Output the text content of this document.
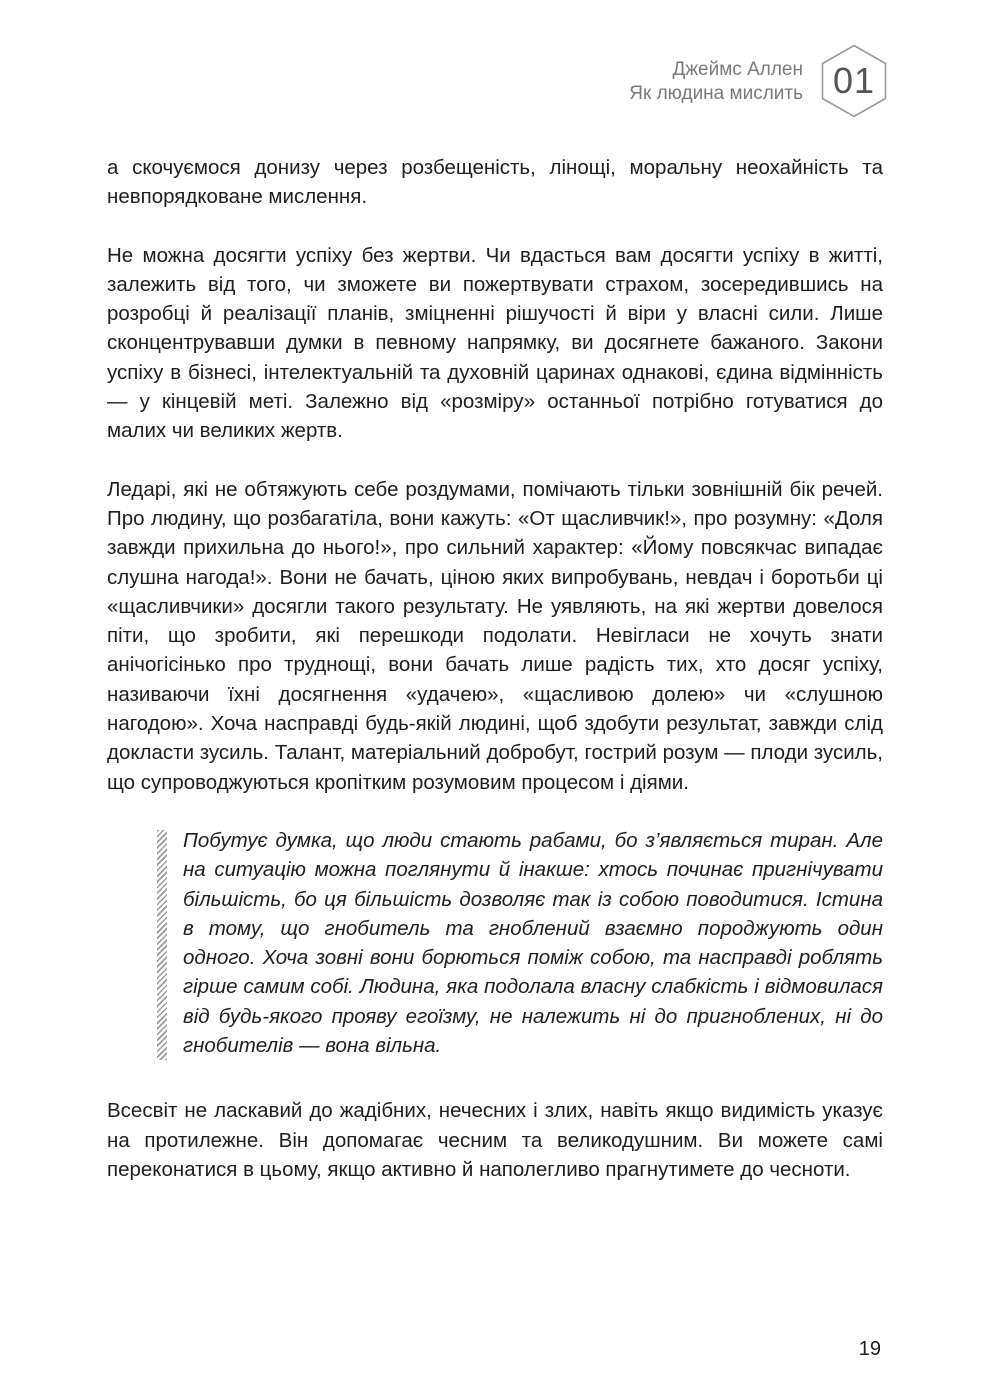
Джеймс Аллен
Як людина мислить 01

а скочуємося донизу через розбещеність, лінощі, моральну неохайність та невпорядковане мислення.

Не можна досягти успіху без жертви. Чи вдасться вам досягти успіху в житті, залежить від того, чи зможете ви пожертвувати страхом, зосередившись на розробці й реалізації планів, зміцненні рішучості й віри у власні сили. Лише сконцентрувавши думки в певному напрямку, ви досягнете бажаного. Закони успіху в бізнесі, інтелектуальній та духовній царинах однакові, єдина відмінність — у кінцевій меті. Залежно від «розміру» останньої потрібно готуватися до малих чи великих жертв.

Ледарі, які не обтяжують себе роздумами, помічають тільки зовнішній бік речей. Про людину, що розбагатіла, вони кажуть: «От щасливчик!», про розумну: «Доля завжди прихильна до нього!», про сильний характер: «Йому повсякчас випадає слушна нагода!». Вони не бачать, ціною яких випробувань, невдач і боротьби ці «щасливчики» досягли такого результату. Не уявляють, на які жертви довелося піти, що зробити, які перешкоди подолати. Невігласи не хочуть знати анічогісінько про труднощі, вони бачать лише радість тих, хто досяг успіху, називаючи їхні досягнення «удачею», «щасливою долею» чи «слушною нагодою». Хоча насправді будь-якій людині, щоб здобути результат, завжди слід докласти зусиль. Талант, матеріальний добробут, гострий розум — плоди зусиль, що супроводжуються кропітким розумовим процесом і діями.

Побутує думка, що люди стають рабами, бо з’являється тиран. Але на ситуацію можна поглянути й інакше: хтось починає пригнічувати більшість, бо ця більшість дозволяє так із собою поводитися. Істина в тому, що гнобитель та гноблений взаємно породжують один одного. Хоча зовні вони борються поміж собою, та насправді роблять гірше самим собі. Людина, яка подолала власну слабкість і відмовилася від будь-якого прояву егоїзму, не належить ні до пригноблених, ні до гнобителів — вона вільна.

Всесвіт не ласкавий до жадібних, нечесних і злих, навіть якщо видимість указує на протилежне. Він допомагає чесним та великодушним. Ви можете самі переконатися в цьому, якщо активно й наполегливо прагнутимете до чесноти.

19
